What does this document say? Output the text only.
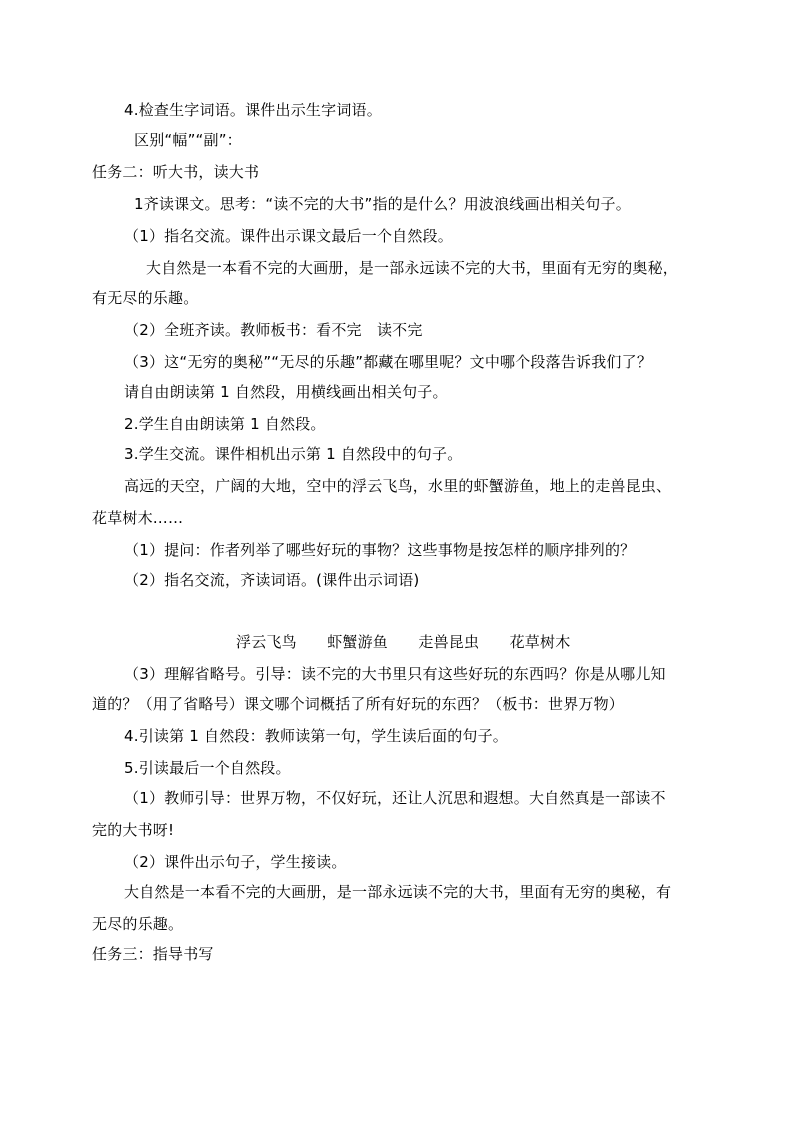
4.检查生字词语。课件出示生字词语。
区别“幅”“副”：
任务二：听大书，读大书
1齐读课文。思考：“读不完的大书”指的是什么？用波浪线画出相关句子。
（1）指名交流。课件出示课文最后一个自然段。
大自然是一本看不完的大画册，是一部永远读不完的大书，里面有无穷的奥秘，
有无尽的乐趣。
（2）全班齐读。教师板书：看不完　读不完
（3）这“无穷的奥秘”“无尽的乐趣”都藏在哪里呢？文中哪个段落告诉我们了？
请自由朗读第 1 自然段，用横线画出相关句子。
2.学生自由朗读第 1 自然段。
3.学生交流。课件相机出示第 1 自然段中的句子。
高远的天空，广阔的大地，空中的浮云飞鸟，水里的虾蟹游鱼，地上的走兽昆虫、
花草树木……
（1）提问：作者列举了哪些好玩的事物？这些事物是按怎样的顺序排列的？
（2）指名交流，齐读词语。(课件出示词语)
浮云飞鸟　　虾蟹游鱼　　走兽昆虫　　花草树木
（3）理解省略号。引导：读不完的大书里只有这些好玩的东西吗？你是从哪儿知
道的？（用了省略号）课文哪个词概括了所有好玩的东西？（板书：世界万物）
4.引读第 1 自然段：教师读第一句，学生读后面的句子。
5.引读最后一个自然段。
（1）教师引导：世界万物，不仅好玩，还让人沉思和遐想。大自然真是一部读不
完的大书呀!
（2）课件出示句子，学生接读。
大自然是一本看不完的大画册，是一部永远读不完的大书，里面有无穷的奥秘，有
无尽的乐趣。
任务三：指导书写
